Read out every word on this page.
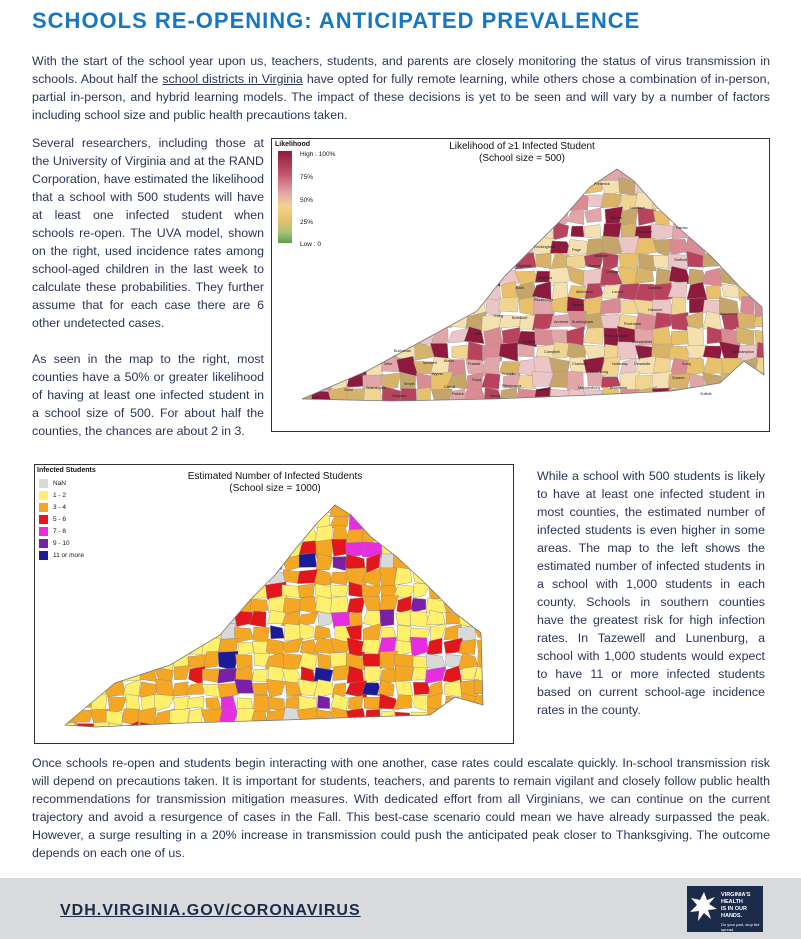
SCHOOLS RE-OPENING: ANTICIPATED PREVALENCE
With the start of the school year upon us, teachers, students, and parents are closely monitoring the status of virus transmission in schools. About half the school districts in Virginia have opted for fully remote learning, while others chose a combination of in-person, partial in-person, and hybrid learning models. The impact of these decisions is yet to be seen and will vary by a number of factors including school size and public health precautions taken.
Several researchers, including those at the University of Virginia and at the RAND Corporation, have estimated the likelihood that a school with 500 students will have at least one infected student when schools re-open. The UVA model, shown on the right, used incidence rates among school-aged children in the last week to calculate these probabilities. They further assume that for each case there are 6 other undetected cases.
As seen in the map to the right, most counties have a 50% or greater likelihood of having at least one infected student in a school size of 500. For about half the counties, the chances are about 2 in 3.
Likelihood
High : 100%
75%
50%
25%
Low : 0
Likelihood of ≥1 Infected Student
(School size = 500)
Frederick
Loudoun
Warren
Fauquier
Fairfax
Rockingham
Page
Madison
Stafford
Highland
Augusta
Greene
Orange
Bath
Albemarle	Louisa
Caroline
Rockbridge
Nelson
Hanover
Craig Botetourt
Amherst Buckingham	Powhatan
Accomack
Chesterfield
Bedford
Campbell
Giles	Prince Edward
Northampton
Buchanan
Tazewell Bland
Pulaski	Charlotte	Nottoway Dinwiddie	Surry
Wise
Wythe
Floyd
Franklin	Lunenburg
Sussex
Smyth
Carroll	Pittsylvania
Halifax	Mecklenburg	Brunswick
Suffolk
Lee
Scott	Washington
Grayson	Patrick	Henry
Infected Students
NaN
1 - 2
3 - 4
5 - 6
7 - 8
9 - 10
11 or more
Estimated Number of Infected Students
(School size = 1000)
While a school with 500 students is likely to have at least one infected student in most counties, the estimated number of infected students is even higher in some areas. The map to the left shows the estimated number of infected students in a school with 1,000 students in each county. Schools in southern counties have the greatest risk for high infection rates. In Tazewell and Lunenburg, a school with 1,000 students would expect to have 11 or more infected students based on current school-age incidence rates in the county.
Once schools re-open and students begin interacting with one another, case rates could escalate quickly. In-school transmission risk will depend on precautions taken. It is important for students, teachers, and parents to remain vigilant and closely follow public health recommendations for transmission mitigation measures. With dedicated effort from all Virginians, we can continue on the current trajectory and avoid a resurgence of cases in the Fall. This best-case scenario could mean we have already surpassed the peak. However, a surge resulting in a 20% increase in transmission could push the anticipated peak closer to Thanksgiving. The outcome depends on each one of us.
VDH.VIRGINIA.GOV/CORONAVIRUS
VIRGINIA'S
HEALTH
IS IN OUR
HANDS.
Do your part, stop the spread.
